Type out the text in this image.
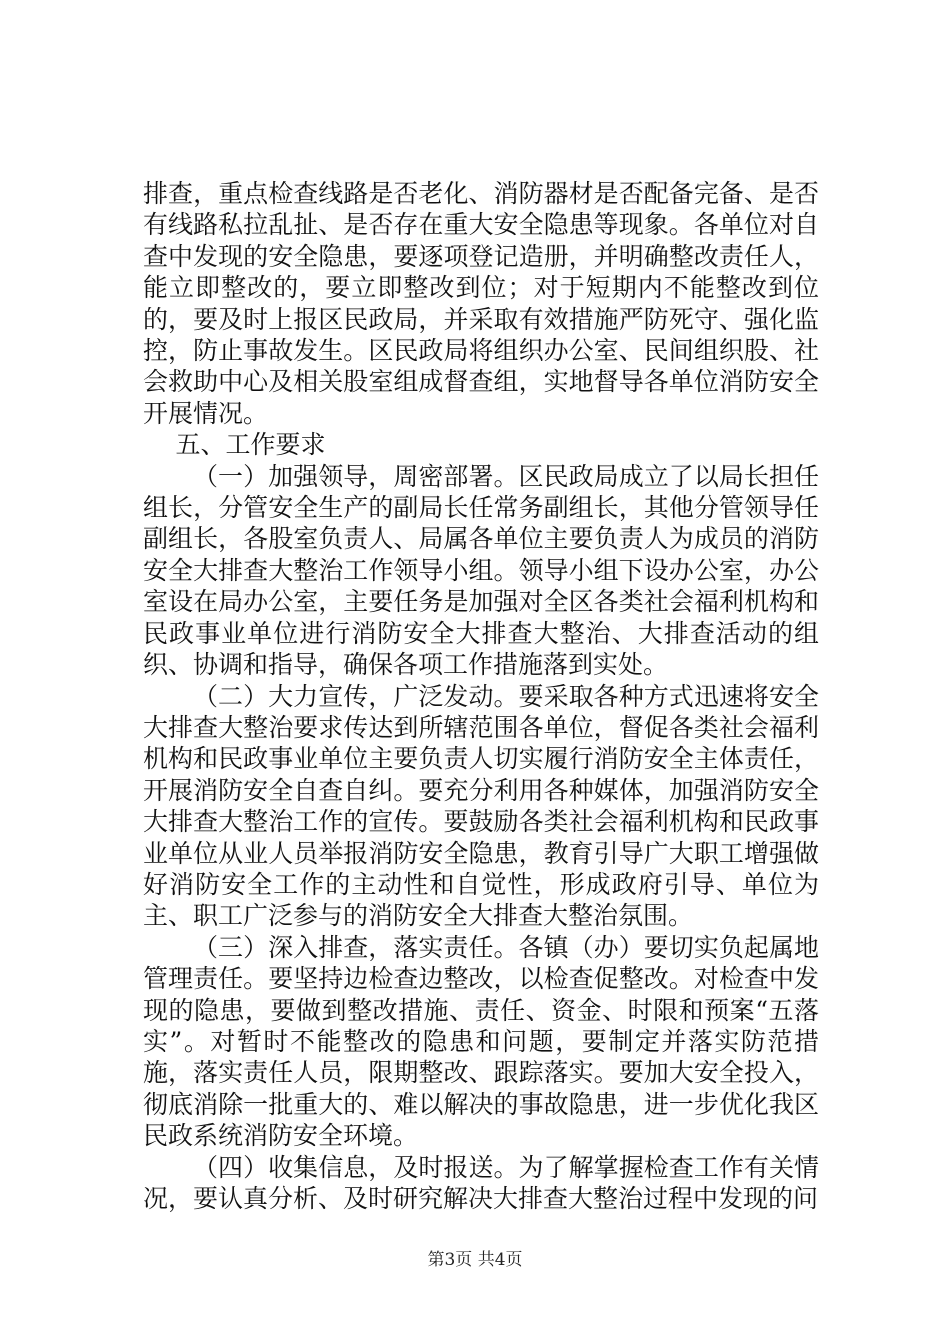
排查，重点检查线路是否老化、消防器材是否配备完备、是否有线路私拉乱扯、是否存在重大安全隐患等现象。各单位对自查中发现的安全隐患，要逐项登记造册，并明确整改责任人，能立即整改的，要立即整改到位；对于短期内不能整改到位的，要及时上报区民政局，并采取有效措施严防死守、强化监控，防止事故发生。区民政局将组织办公室、民间组织股、社会救助中心及相关股室组成督查组，实地督导各单位消防安全开展情况。

五、工作要求

（一）加强领导，周密部署。区民政局成立了以局长担任组长，分管安全生产的副局长任常务副组长，其他分管领导任副组长，各股室负责人、局属各单位主要负责人为成员的消防安全大排查大整治工作领导小组。领导小组下设办公室，办公室设在局办公室，主要任务是加强对全区各类社会福利机构和民政事业单位进行消防安全大排查大整治、大排查活动的组织、协调和指导，确保各项工作措施落到实处。

（二）大力宣传，广泛发动。要采取各种方式迅速将安全大排查大整治要求传达到所辖范围各单位，督促各类社会福利机构和民政事业单位主要负责人切实履行消防安全主体责任，开展消防安全自查自纠。要充分利用各种媒体，加强消防安全大排查大整治工作的宣传。要鼓励各类社会福利机构和民政事业单位从业人员举报消防安全隐患，教育引导广大职工增强做好消防安全工作的主动性和自觉性，形成政府引导、单位为主、职工广泛参与的消防安全大排查大整治氛围。

（三）深入排查，落实责任。各镇（办）要切实负起属地管理责任。要坚持边检查边整改，以检查促整改。对检查中发现的隐患，要做到整改措施、责任、资金、时限和预案“五落实”。对暂时不能整改的隐患和问题，要制定并落实防范措施，落实责任人员，限期整改、跟踪落实。要加大安全投入，彻底消除一批重大的、难以解决的事故隐患，进一步优化我区民政系统消防安全环境。

（四）收集信息，及时报送。为了解掌握检查工作有关情况，要认真分析、及时研究解决大排查大整治过程中发现的问

第3页 共4页
